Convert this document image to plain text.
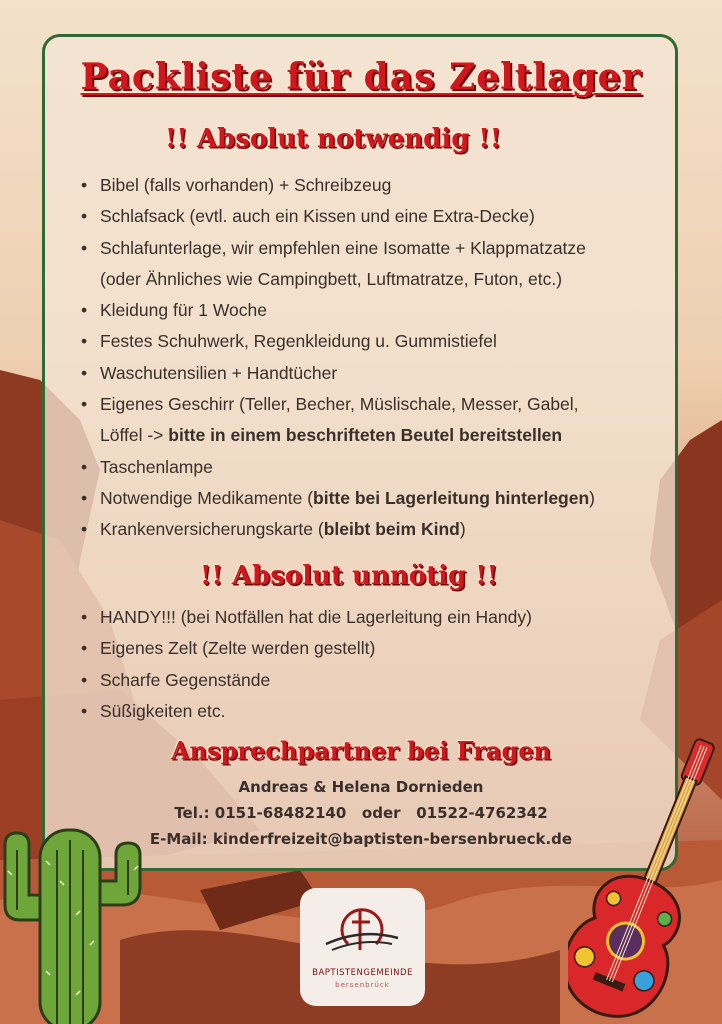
Packliste für das Zeltlager
!! Absolut notwendig !!
• Bibel (falls vorhanden) + Schreibzeug
• Schlafsack (evtl. auch ein Kissen und eine Extra-Decke)
• Schlafunterlage, wir empfehlen eine Isomatte + Klappmatzatze
(oder Ähnliches wie Campingbett, Luftmatratze, Futon, etc.)
• Kleidung für 1 Woche
• Festes Schuhwerk, Regenkleidung u. Gummistiefel
• Waschutensilien + Handtücher
• Eigenes Geschirr (Teller, Becher, Müslischale, Messer, Gabel,
Löffel -> bitte in einem beschrifteten Beutel bereitstellen
• Taschenlampe
• Notwendige Medikamente (bitte bei Lagerleitung hinterlegen)
• Krankenversicherungskarte (bleibt beim Kind)
!! Absolut unnötig !!
• HANDY!!! (bei Notfällen hat die Lagerleitung ein Handy)
• Eigenes Zelt (Zelte werden gestellt)
• Scharfe Gegenstände
• Süßigkeiten etc.
Ansprechpartner bei Fragen
Andreas & Helena Dornieden
Tel.: 0151-68482140   oder   01522-4762342
E-Mail: kinderfreizeit@baptisten-bersenbrueck.de
BAPTISTENGEMEINDE
bersenbrück
